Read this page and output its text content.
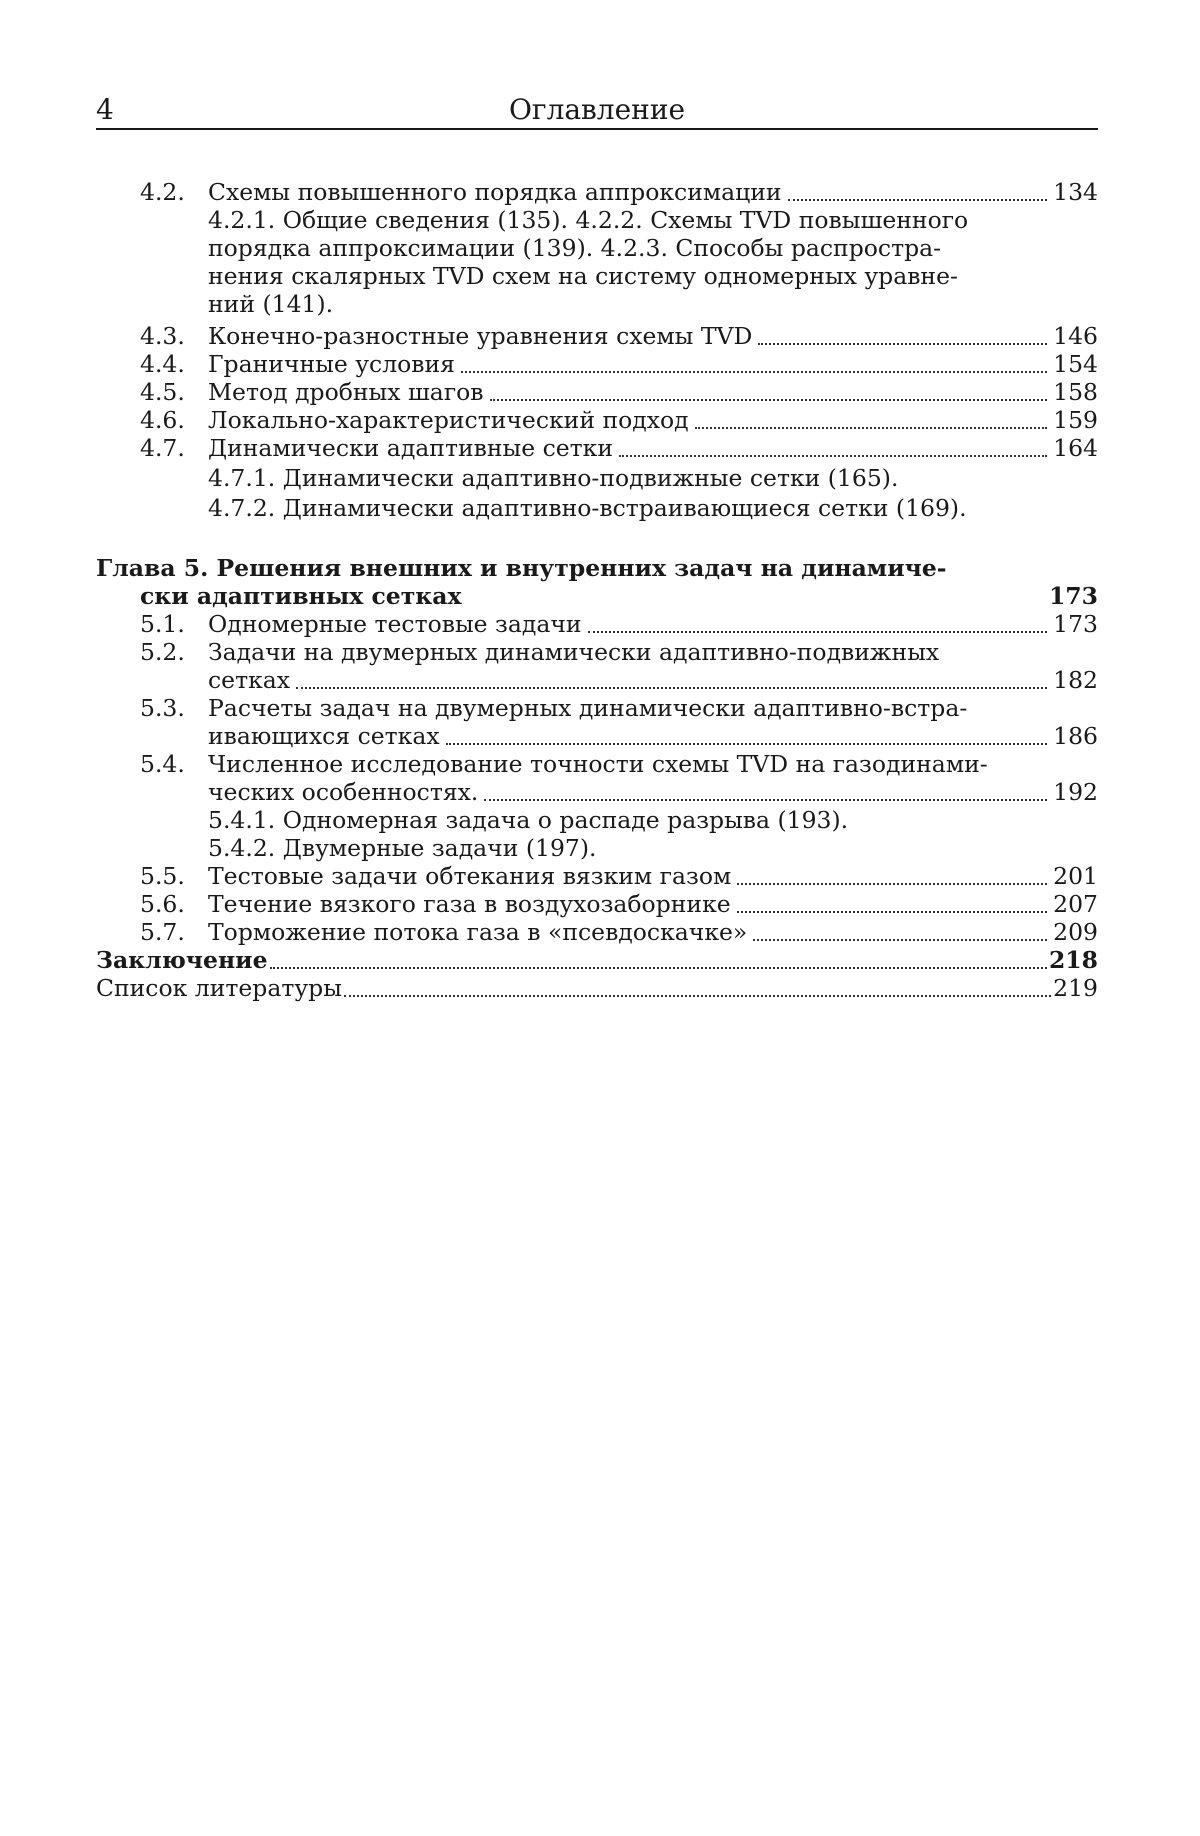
4	Оглавление
4.2. Схемы повышенного порядка аппроксимации	134
4.2.1. Общие сведения (135). 4.2.2. Схемы TVD повышенного
порядка аппроксимации (139). 4.2.3. Способы распростра-
нения скалярных TVD схем на систему одномерных уравне-
ний (141).
4.3. Конечно-разностные уравнения схемы TVD	146
4.4. Граничные условия	154
4.5. Метод дробных шагов	158
4.6. Локально-характеристический подход	159
4.7. Динамически адаптивные сетки	164
4.7.1. Динамически адаптивно-подвижные сетки (165).
4.7.2. Динамически адаптивно-встраивающиеся сетки (169).
Глава 5. Решения внешних и внутренних задач на динамиче-
ски адаптивных сетках	173
5.1. Одномерные тестовые задачи	173
5.2. Задачи на двумерных динамически адаптивно-подвижных
сетках	182
5.3. Расчеты задач на двумерных динамически адаптивно-встра-
ивающихся сетках	186
5.4. Численное исследование точности схемы TVD на газодинами-
ческих особенностях.	192
5.4.1. Одномерная задача о распаде разрыва (193).
5.4.2. Двумерные задачи (197).
5.5. Тестовые задачи обтекания вязким газом	201
5.6. Течение вязкого газа в воздухозаборнике	207
5.7. Торможение потока газа в «псевдоскачке»	209
Заключение	218
Список литературы	219
